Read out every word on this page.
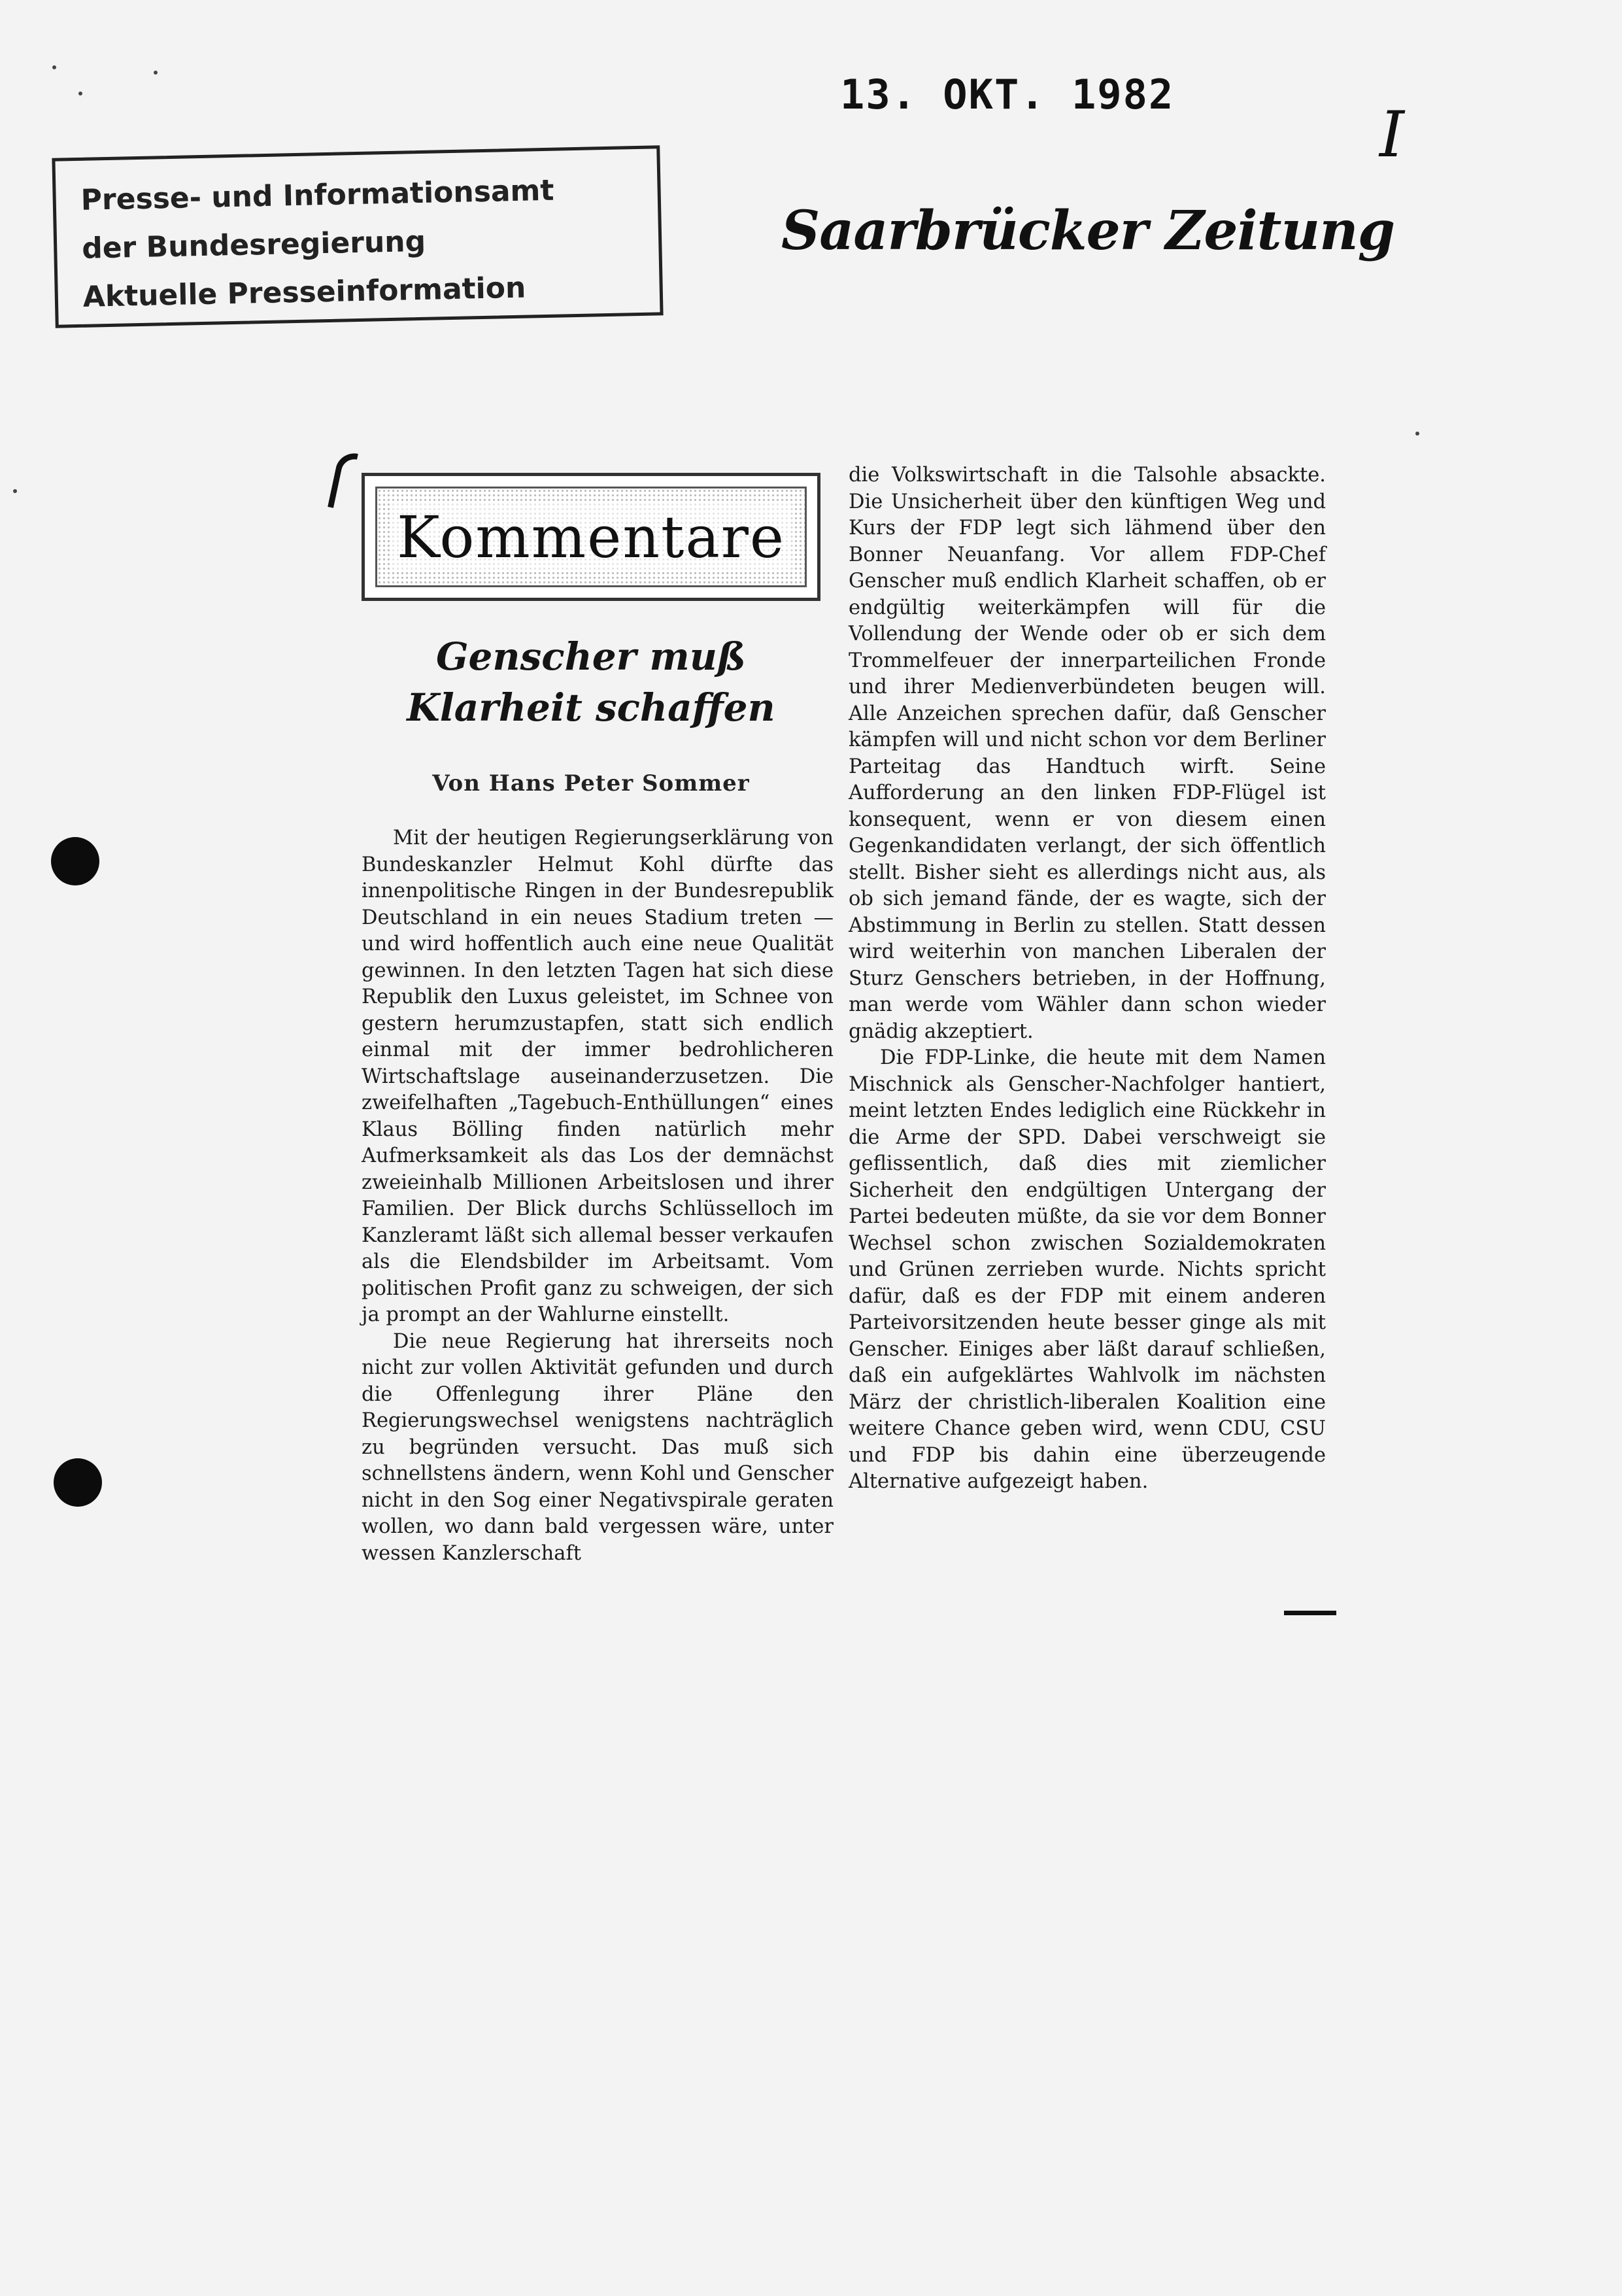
13. OKT. 1982
I
Presse- und Informationsamt
der Bundesregierung
Aktuelle Presseinformation
Saarbrücker Zeitung
Kommentare
Genscher muß
Klarheit schaffen
Von Hans Peter Sommer

Mit der heutigen Regierungserklärung von Bundeskanzler Helmut Kohl dürfte das innenpolitische Ringen in der Bundesrepublik Deutschland in ein neues Stadium treten — und wird hoffentlich auch eine neue Qualität gewinnen. In den letzten Tagen hat sich diese Republik den Luxus geleistet, im Schnee von gestern herumzustapfen, statt sich endlich einmal mit der immer bedrohlicheren Wirtschaftslage auseinanderzusetzen. Die zweifelhaften „Tagebuch-Enthüllungen“ eines Klaus Bölling finden natürlich mehr Aufmerksamkeit als das Los der demnächst zweieinhalb Millionen Arbeitslosen und ihrer Familien. Der Blick durchs Schlüsselloch im Kanzleramt läßt sich allemal besser verkaufen als die Elendsbilder im Arbeitsamt. Vom politischen Profit ganz zu schweigen, der sich ja prompt an der Wahlurne einstellt.

Die neue Regierung hat ihrerseits noch nicht zur vollen Aktivität gefunden und durch die Offenlegung ihrer Pläne den Regierungswechsel wenigstens nachträglich zu begründen versucht. Das muß sich schnellstens ändern, wenn Kohl und Genscher nicht in den Sog einer Negativspirale geraten wollen, wo dann bald vergessen wäre, unter wessen Kanzlerschaft

die Volkswirtschaft in die Talsohle absackte. Die Unsicherheit über den künftigen Weg und Kurs der FDP legt sich lähmend über den Bonner Neuanfang. Vor allem FDP-Chef Genscher muß endlich Klarheit schaffen, ob er endgültig weiterkämpfen will für die Vollendung der Wende oder ob er sich dem Trommelfeuer der innerparteilichen Fronde und ihrer Medienverbündeten beugen will. Alle Anzeichen sprechen dafür, daß Genscher kämpfen will und nicht schon vor dem Berliner Parteitag das Handtuch wirft. Seine Aufforderung an den linken FDP-Flügel ist konsequent, wenn er von diesem einen Gegenkandidaten verlangt, der sich öffentlich stellt. Bisher sieht es allerdings nicht aus, als ob sich jemand fände, der es wagte, sich der Abstimmung in Berlin zu stellen. Statt dessen wird weiterhin von manchen Liberalen der Sturz Genschers betrieben, in der Hoffnung, man werde vom Wähler dann schon wieder gnädig akzeptiert.

Die FDP-Linke, die heute mit dem Namen Mischnick als Genscher-Nachfolger hantiert, meint letzten Endes lediglich eine Rückkehr in die Arme der SPD. Dabei verschweigt sie geflissentlich, daß dies mit ziemlicher Sicherheit den endgültigen Untergang der Partei bedeuten müßte, da sie vor dem Bonner Wechsel schon zwischen Sozialdemokraten und Grünen zerrieben wurde. Nichts spricht dafür, daß es der FDP mit einem anderen Parteivorsitzenden heute besser ginge als mit Genscher. Einiges aber läßt darauf schließen, daß ein aufgeklärtes Wahlvolk im nächsten März der christlich-liberalen Koalition eine weitere Chance geben wird, wenn CDU, CSU und FDP bis dahin eine überzeugende Alternative aufgezeigt haben.
